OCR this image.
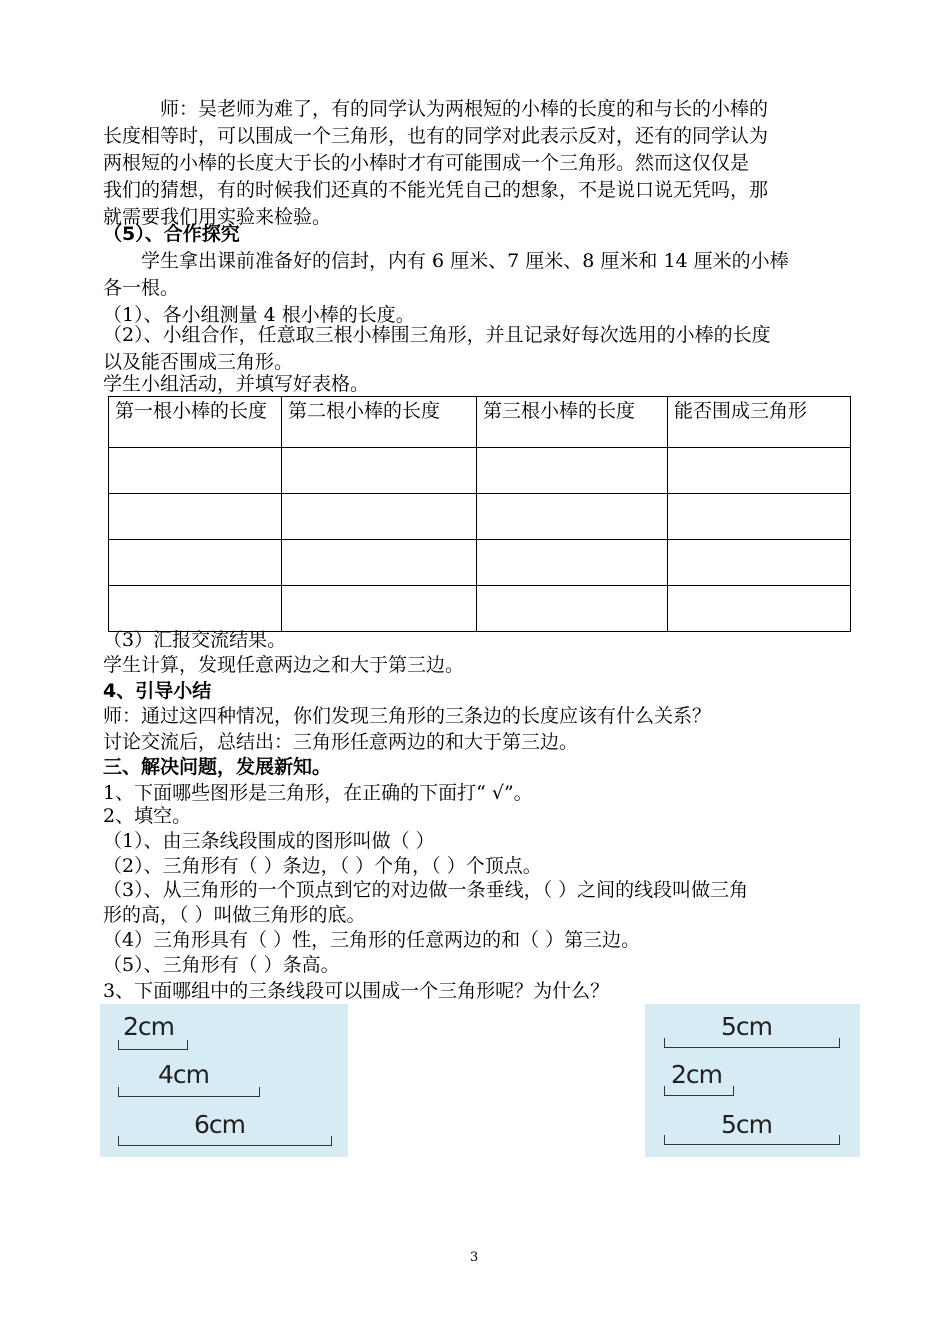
师：吴老师为难了，有的同学认为两根短的小棒的长度的和与长的小棒的
长度相等时，可以围成一个三角形，也有的同学对此表示反对，还有的同学认为
两根短的小棒的长度大于长的小棒时才有可能围成一个三角形。然而这仅仅是
我们的猜想，有的时候我们还真的不能光凭自己的想象，不是说口说无凭吗，那
就需要我们用实验来检验。
（5）、合作探究
学生拿出课前准备好的信封，内有 6 厘米、7 厘米、8 厘米和 14 厘米的小棒
各一根。
（1）、各小组测量 4 根小棒的长度。
（2）、小组合作，任意取三根小棒围三角形，并且记录好每次选用的小棒的长度
以及能否围成三角形。
学生小组活动，并填写好表格。
第一根小棒的长度	第二根小棒的长度	第三根小棒的长度	能否围成三角形

（3）汇报交流结果。
学生计算，发现任意两边之和大于第三边。
4、引导小结
师：通过这四种情况，你们发现三角形的三条边的长度应该有什么关系？
讨论交流后，总结出：三角形任意两边的和大于第三边。
三、解决问题，发展新知。
1、下面哪些图形是三角形，在正确的下面打“ √”。
2、填空。
（1）、由三条线段围成的图形叫做（ ）
（2）、三角形有（ ）条边，（ ）个角，（ ）个顶点。
（3）、从三角形的一个顶点到它的对边做一条垂线，（ ）之间的线段叫做三角
形的高，（ ）叫做三角形的底。
（4）三角形具有（ ）性，三角形的任意两边的和（ ）第三边。
（5）、三角形有（ ）条高。
3、下面哪组中的三条线段可以围成一个三角形呢？为什么？
2cm
4cm
6cm
5cm
2cm
5cm
3
